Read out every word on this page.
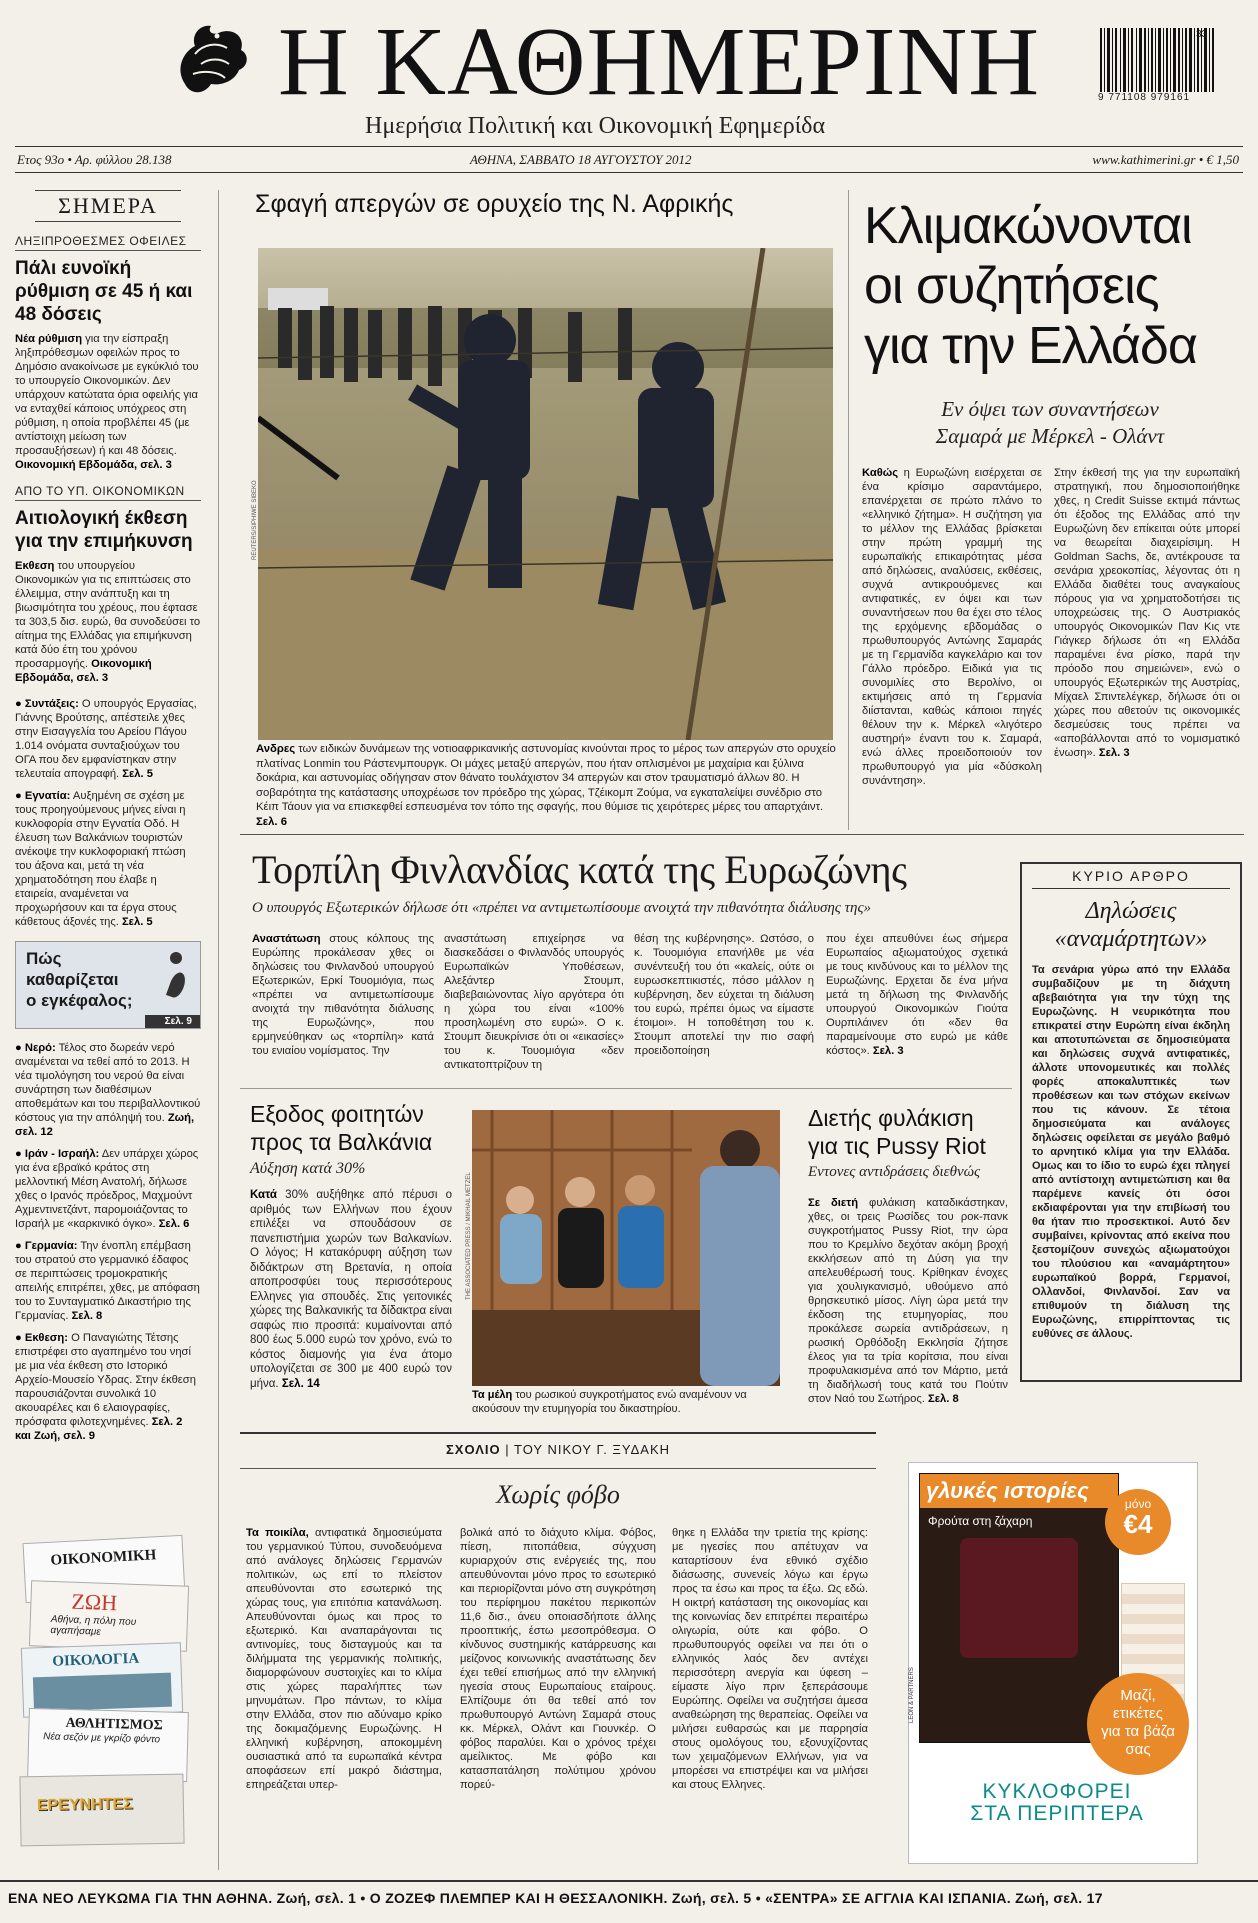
Η ΚΑΘΗΜΕΡΙΝΗ
Ημερήσια Πολιτική και Οικονομική Εφημερίδα
9 771108 979161
33
Ετος 93ο • Αρ. φύλλου 28.138	ΑΘΗΝΑ, ΣΑΒΒΑΤΟ 18 ΑΥΓΟΥΣΤΟΥ 2012	www.kathimerini.gr • € 1,50
ΣΗΜΕΡΑ
ΛΗΞΙΠΡΟΘΕΣΜΕΣ ΟΦΕΙΛΕΣ
Πάλι ευνοϊκή ρύθμιση σε 45 ή και 48 δόσεις
Νέα ρύθμιση για την είσπραξη ληξιπρόθεσμων οφειλών προς το Δημόσιο ανακοίνωσε με εγκύκλιό του το υπουργείο Οικονομικών. Δεν υπάρχουν κατώτατα όρια οφειλής για να ενταχθεί κάποιος υπόχρεος στη ρύθμιση, η οποία προβλέπει 45 (με αντίστοιχη μείωση των προσαυξήσεων) ή και 48 δόσεις. Οικονομική Εβδομάδα, σελ. 3
ΑΠΟ ΤΟ ΥΠ. ΟΙΚΟΝΟΜΙΚΩΝ
Αιτιολογική έκθεση για την επιμήκυνση
Εκθεση του υπουργείου Οικονομικών για τις επιπτώσεις στο έλλειμμα, στην ανάπτυξη και τη βιωσιμότητα του χρέους, που έφτασε τα 303,5 δισ. ευρώ, θα συνοδεύσει το αίτημα της Ελλάδας για επιμήκυνση κατά δύο έτη του χρόνου προσαρμογής. Οικονομική Εβδομάδα, σελ. 3
● Συντάξεις: Ο υπουργός Εργασίας, Γιάννης Βρούτσης, απέστειλε χθες στην Εισαγγελία του Αρείου Πάγου 1.014 ονόματα συνταξιούχων του ΟΓΑ που δεν εμφανίστηκαν στην τελευταία απογραφή. Σελ. 5
● Εγνατία: Αυξημένη σε σχέση με τους προηγούμενους μήνες είναι η κυκλοφορία στην Εγνατία Οδό. Η έλευση των Βαλκάνιων τουριστών ανέκοψε την κυκλοφοριακή πτώση του άξονα και, μετά τη νέα χρηματοδότηση που έλαβε η εταιρεία, αναμένεται να προχωρήσουν και τα έργα στους κάθετους άξονές της. Σελ. 5
Πώς
καθαρίζεται
ο εγκέφαλος;
Σελ. 9
● Νερό: Τέλος στο δωρεάν νερό αναμένεται να τεθεί από το 2013. Η νέα τιμολόγηση του νερού θα είναι συνάρτηση των διαθέσιμων αποθεμάτων και του περιβαλλοντικού κόστους για την απόληψή του. Ζωή, σελ. 12
● Ιράν - Ισραήλ: Δεν υπάρχει χώρος για ένα εβραϊκό κράτος στη μελλοντική Μέση Ανατολή, δήλωσε χθες ο Ιρανός πρόεδρος, Μαχμούντ Αχμεντινετζάντ, παρομοιάζοντας το Ισραήλ με «καρκινικό όγκο». Σελ. 6
● Γερμανία: Την ένοπλη επέμβαση του στρατού στο γερμανικό έδαφος σε περιπτώσεις τρομοκρατικής απειλής επιτρέπει, χθες, με απόφαση του το Συνταγματικό Δικαστήριο της Γερμανίας. Σελ. 8
● Εκθεση: Ο Παναγιώτης Τέτσης επιστρέφει στο αγαπημένο του νησί με μια νέα έκθεση στο Ιστορικό Αρχείο-Μουσείο Υδρας. Στην έκθεση παρουσιάζονται συνολικά 10 ακουαρέλες και 6 ελαιογραφίες, πρόσφατα φιλοτεχνημένες. Σελ. 2 και Ζωή, σελ. 9
ΟΙΚΟΝΟΜΙΚΗ
ΖΩΗ
Αθήνα, η πόλη που αγαπήσαμε
ΟΙΚΟΛΟΓΙΑ
ΑΘΛΗΤΙΣΜΟΣ
Νέα σεζόν με γκρίζο φόντο
ΕΡΕΥΝΗΤΕΣ
Σφαγή απεργών σε ορυχείο της Ν. Αφρικής
REUTERS/SIPHIWE SIBEKO
Ανδρες των ειδικών δυνάμεων της νοτιοαφρικανικής αστυνομίας κινούνται προς το μέρος των απεργών στο ορυχείο πλατίνας Lonmin του Ράστενμπουργκ. Οι μάχες μεταξύ απεργών, που ήταν οπλισμένοι με μαχαίρια και ξύλινα δοκάρια, και αστυνομίας οδήγησαν στον θάνατο τουλάχιστον 34 απεργών και στον τραυματισμό άλλων 80. Η σοβαρότητα της κατάστασης υποχρέωσε τον πρόεδρο της χώρας, Τζέικομπ Ζούμα, να εγκαταλείψει συνέδριο στο Κέιπ Τάουν για να επισκεφθεί εσπευσμένα τον τόπο της σφαγής, που θύμισε τις χειρότερες μέρες του απαρτχάιντ. Σελ. 6
Κλιμακώνονται
οι συζητήσεις
για την Ελλάδα
Εν όψει των συναντήσεων
Σαμαρά με Μέρκελ - Ολάντ
Καθώς η Ευρωζώνη εισέρχεται σε ένα κρίσιμο σαραντάμερο, επανέρχεται σε πρώτο πλάνο το «ελληνικό ζήτημα». Η συζήτηση για το μέλλον της Ελλάδας βρίσκεται στην πρώτη γραμμή της ευρωπαϊκής επικαιρότητας μέσα από δηλώσεις, αναλύσεις, εκθέσεις, συχνά αντικρουόμενες και αντιφατικές, εν όψει και των συναντήσεων που θα έχει στο τέλος της ερχόμενης εβδομάδας ο πρωθυπουργός Αντώνης Σαμαράς με τη Γερμανίδα καγκελάριο και τον Γάλλο πρόεδρο. Ειδικά για τις συνομιλίες στο Βερολίνο, οι εκτιμήσεις από τη Γερμανία διίστανται, καθώς κάποιοι πηγές θέλουν την κ. Μέρκελ «λιγότερο αυστηρή» έναντι του κ. Σαμαρά, ενώ άλλες προειδοποιούν τον πρωθυπουργό για μία «δύσκολη συνάντηση».
Στην έκθεσή της για την ευρωπαϊκή στρατηγική, που δημοσιοποιήθηκε χθες, η Credit Suisse εκτιμά πάντως ότι έξοδος της Ελλάδας από την Ευρωζώνη δεν επίκειται ούτε μπορεί να θεωρείται διαχειρίσιμη. Η Goldman Sachs, δε, αντέκρουσε τα σενάρια χρεοκοπίας, λέγοντας ότι η Ελλάδα διαθέτει τους αναγκαίους πόρους για να χρηματοδοτήσει τις υποχρεώσεις της. Ο Αυστριακός υπουργός Οικονομικών Παν Κις ντε Γιάγκερ δήλωσε ότι «η Ελλάδα παραμένει ένα ρίσκο, παρά την πρόοδο που σημειώνει», ενώ ο υπουργός Εξωτερικών της Αυστρίας, Μίχαελ Σπιντελέγκερ, δήλωσε ότι οι χώρες που αθετούν τις οικονομικές δεσμεύσεις τους πρέπει να «αποβάλλονται από το νομισματικό ένωση». Σελ. 3
Τορπίλη Φινλανδίας κατά της Ευρωζώνης
Ο υπουργός Εξωτερικών δήλωσε ότι «πρέπει να αντιμετωπίσουμε ανοιχτά την πιθανότητα διάλυσης της»
Αναστάτωση στους κόλπους της Ευρώπης προκάλεσαν χθες οι δηλώσεις του Φινλανδού υπουργού Εξωτερικών, Ερκί Τουομιόγια, πως «πρέπει να αντιμετωπίσουμε ανοιχτά την πιθανότητα διάλυσης της Ευρωζώνης», που ερμηνεύθηκαν ως «τορπίλη» κατά του ενιαίου νομίσματος. Την
αναστάτωση επιχείρησε να διασκεδάσει ο Φινλανδός υπουργός Ευρωπαϊκών Υποθέσεων, Αλεξάντερ Στουμπ, διαβεβαιώνοντας λίγο αργότερα ότι η χώρα του είναι «100% προσηλωμένη στο ευρώ». Ο κ. Στουμπ διευκρίνισε ότι οι «εικασίες» του κ. Τουομιόγια «δεν αντικατοπτρίζουν τη
θέση της κυβέρνησης». Ωστόσο, ο κ. Τουομιόγια επανήλθε με νέα συνέντευξή του ότι «καλείς, ούτε οι ευρωσκεπτικιστές, πόσο μάλλον η κυβέρνηση, δεν εύχεται τη διάλυση του ευρώ, πρέπει όμως να είμαστε έτοιμοι». Η τοποθέτηση του κ. Στουμπ αποτελεί την πιο σαφή προειδοποίηση
που έχει απευθύνει έως σήμερα Ευρωπαίος αξιωματούχος σχετικά με τους κινδύνους και το μέλλον της Ευρωζώνης. Ερχεται δε ένα μήνα μετά τη δήλωση της Φινλανδής υπουργού Οικονομικών Γιούτα Ουρπιλάινεν ότι «δεν θα παραμείνουμε στο ευρώ με κάθε κόστος». Σελ. 3
Εξοδος φοιτητών
προς τα Βαλκάνια
Αύξηση κατά 30%
Κατά 30% αυξήθηκε από πέρυσι ο αριθμός των Ελλήνων που έχουν επιλέξει να σπουδάσουν σε πανεπιστήμια χωρών των Βαλκανίων. Ο λόγος; Η κατακόρυφη αύξηση των διδάκτρων στη Βρετανία, η οποία αποπροσφύει τους περισσότερους Ελληνες για σπουδές. Στις γειτονικές χώρες της Βαλκανικής τα δίδακτρα είναι σαφώς πιο προσιτά: κυμαίνονται από 800 έως 5.000 ευρώ τον χρόνο, ενώ το κόστος διαμονής για ένα άτομο υπολογίζεται σε 300 με 400 ευρώ τον μήνα. Σελ. 14
THE ASSOCIATED PRESS / MIKHAIL METZEL
Τα μέλη του ρωσικού συγκροτήματος ενώ αναμένουν να ακούσουν την ετυμηγορία του δικαστηρίου.
Διετής φυλάκιση
για τις Pussy Riot
Εντονες αντιδράσεις διεθνώς
Σε διετή φυλάκιση καταδικάστηκαν, χθες, οι τρεις Ρωσίδες του ροκ-πανκ συγκροτήματος Pussy Riot, την ώρα που το Κρεμλίνο δεχόταν ακόμη βροχή εκκλήσεων από τη Δύση για την απελευθέρωσή τους. Κρίθηκαν ένοχες για χουλιγκανισμό, υθούμενο από θρησκευτικό μίσος. Λίγη ώρα μετά την έκδοση της ετυμηγορίας, που προκάλεσε σωρεία αντιδράσεων, η ρωσική Ορθόδοξη Εκκλησία ζήτησε έλεος για τα τρία κορίτσια, που είναι προφυλακισμένα από τον Μάρτιο, μετά τη διαδήλωσή τους κατά του Πούτιν στον Ναό του Σωτήρος. Σελ. 8
ΚΥΡΙΟ ΑΡΘΡΟ
Δηλώσεις
«αναμάρτητων»
Τα σενάρια γύρω από την Ελλάδα συμβαδίζουν με τη διάχυτη αβεβαιότητα για την τύχη της Ευρωζώνης. Η νευρικότητα που επικρατεί στην Ευρώπη είναι έκδηλη και αποτυπώνεται σε δημοσιεύματα και δηλώσεις συχνά αντιφατικές, άλλοτε υπονομευτικές και πολλές φορές αποκαλυπτικές των προθέσεων και των στόχων εκείνων που τις κάνουν. Σε τέτοια δημοσιεύματα και ανάλογες δηλώσεις οφείλεται σε μεγάλο βαθμό το αρνητικό κλίμα για την Ελλάδα. Ομως και το ίδιο το ευρώ έχει πληγεί από αντίστοιχη αντιμετώπιση και θα παρέμενε κανείς ότι όσοι εκδιαφέρονται για την επιβίωσή του θα ήταν πιο προσεκτικοί. Αυτό δεν συμβαίνει, κρίνοντας από εκείνα που ξεστομίζουν συνεχώς αξιωματούχοι του πλούσιου και «αναμάρτητου» ευρωπαϊκού βορρά, Γερμανοί, Ολλανδοί, Φινλανδοί. Σαν να επιθυμούν τη διάλυση της Ευρωζώνης, επιρρίπτοντας τις ευθύνες σε άλλους.
ΣΧΟΛΙΟ | ΤΟΥ ΝΙΚΟΥ Γ. ΞΥΔΑΚΗ
Χωρίς φόβο
Τα ποικίλα, αντιφατικά δημοσιεύματα του γερμανικού Τύπου, συνοδευόμενα από ανάλογες δηλώσεις Γερμανών πολιτικών, ως επί το πλείστον απευθύνονται στο εσωτερικό της χώρας τους, για επιτόπια κατανάλωση. Απευθύνονται όμως και προς το εξωτερικό. Και αναπαράγονται τις αντινομίες, τους δισταγμούς και τα διλήμματα της γερμανικής πολιτικής, διαμορφώνουν συστοιχίες και το κλίμα στις χώρες παραλήπτες των μηνυμάτων. Προ πάντων, το κλίμα στην Ελλάδα, στον πιο αδύναμο κρίκο της δοκιμαζόμενης Ευρωζώνης. Η ελληνική κυβέρνηση, αποκομμένη ουσιαστικά από τα ευρωπαϊκά κέντρα αποφάσεων επί μακρό διάστημα, επηρεάζεται υπερ-
βολικά από το διάχυτο κλίμα. Φόβος, πίεση, πιτοπάθεια, σύγχυση κυριαρχούν στις ενέργειές της, που απευθύνονται μόνο προς το εσωτερικό και περιορίζονται μόνο στη συγκρότηση του περίφημου πακέτου περικοπών 11,6 δισ., άνευ οποιασδήποτε άλλης προοπτικής, έστω μεσοπρόθεσμα. Ο κίνδυνος συστημικής κατάρρευσης και μείζονος κοινωνικής αναστάτωσης δεν έχει τεθεί επισήμως από την ελληνική ηγεσία στους Ευρωπαίους εταίρους. Ελπίζουμε ότι θα τεθεί από τον πρωθυπουργό Αντώνη Σαμαρά στους κκ. Μέρκελ, Ολάντ και Γιουνκέρ. Ο φόβος παραλύει. Και ο χρόνος τρέχει αμείλικτος. Με φόβο και κατασπατάληση πολύτιμου χρόνου πορεύ-
θηκε η Ελλάδα την τριετία της κρίσης: με ηγεσίες που απέτυχαν να καταρτίσουν ένα εθνικό σχέδιο διάσωσης, συνενείς λόγω και έργω προς τα έσω και προς τα έξω. Ως εδώ. Η οικτρή κατάσταση της οικονομίας και της κοινωνίας δεν επιτρέπει περαιτέρω ολιγωρία, ούτε και φόβο. Ο πρωθυπουργός οφείλει να πει ότι ο ελληνικός λαός δεν αντέχει περισσότερη ανεργία και ύφεση –είμαστε λίγο πριν ξεπεράσουμε Ευρώπης. Οφείλει να συζητήσει άμεσα αναθεώρηση της θεραπείας. Οφείλει να μιλήσει ευθαρσώς και με παρρησία στους ομολόγους του, εξονυχίζοντας των χειμαζόμενων Ελλήνων, για να μπορέσει να επιστρέψει και να μιλήσει και στους Ελληνες.
γλυκές ιστορίες
Φρούτα στη ζάχαρη
μόνο
€4
Μαζί,
ετικέτες
για τα βάζα
σας
LEON & PARTNERS
ΚΥΚΛΟΦΟΡΕΙ
ΣΤΑ ΠΕΡΙΠΤΕΡΑ
ΕΝΑ ΝΕΟ ΛΕΥΚΩΜΑ ΓΙΑ ΤΗΝ ΑΘΗΝΑ. Ζωή, σελ. 1 • Ο ΖΟΖΕΦ ΠΛΕΜΠΕΡ ΚΑΙ Η ΘΕΣΣΑΛΟΝΙΚΗ. Ζωή, σελ. 5 • «ΣΕΝΤΡΑ» ΣΕ ΑΓΓΛΙΑ ΚΑΙ ΙΣΠΑΝΙΑ. Ζωή, σελ. 17
